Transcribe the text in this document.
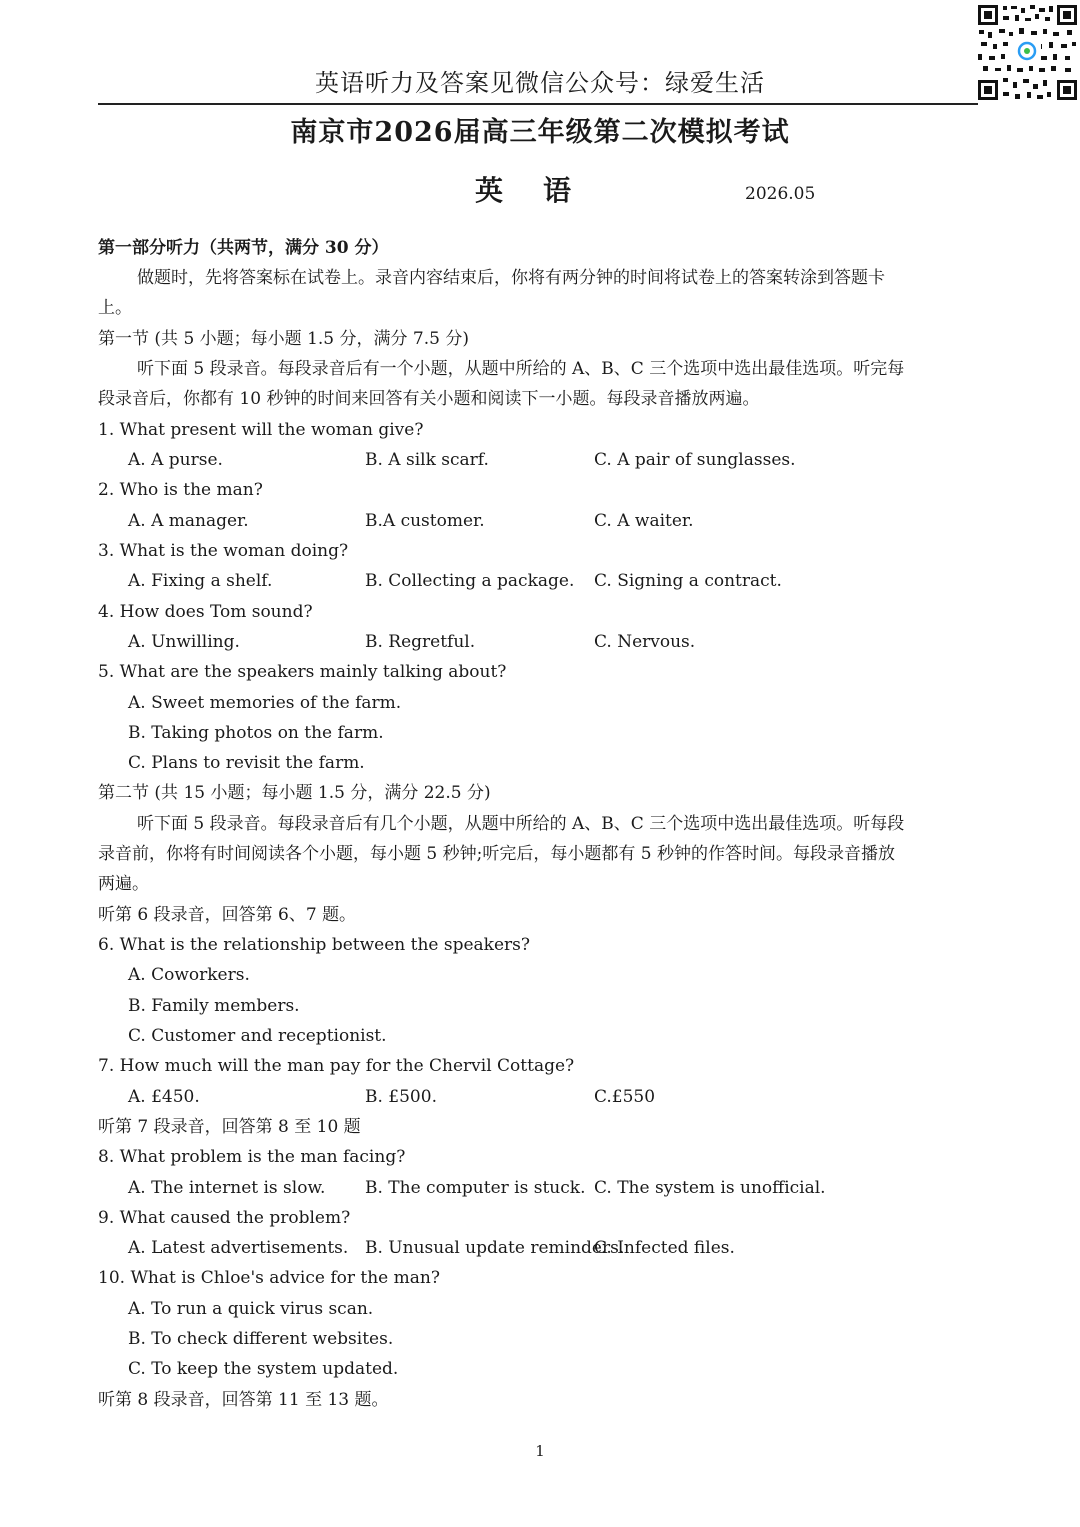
英语听力及答案见微信公众号：绿爱生活
南京市2026届高三年级第二次模拟考试
英语	2026.05
第一部分听力（共两节，满分 30 分）
做题时，先将答案标在试卷上。录音内容结束后，你将有两分钟的时间将试卷上的答案转涂到答题卡
上。
第一节 (共 5 小题；每小题 1.5 分，满分 7.5 分)
听下面 5 段录音。每段录音后有一个小题，从题中所给的 A、B、C 三个选项中选出最佳选项。听完每
段录音后，你都有 10 秒钟的时间来回答有关小题和阅读下一小题。每段录音播放两遍。
1. What present will the woman give?
A. A purse.	B. A silk scarf.	C. A pair of sunglasses.
2. Who is the man?
A. A manager.	B.A customer.	C. A waiter.
3. What is the woman doing?
A. Fixing a shelf.	B. Collecting a package. C. Signing a contract.
4. How does Tom sound?
A. Unwilling.	B. Regretful.	C. Nervous.
5. What are the speakers mainly talking about?
A. Sweet memories of the farm.
B. Taking photos on the farm.
C. Plans to revisit the farm.
第二节 (共 15 小题；每小题 1.5 分，满分 22.5 分)
听下面 5 段录音。每段录音后有几个小题，从题中所给的 A、B、C 三个选项中选出最佳选项。听每段
录音前，你将有时间阅读各个小题，每小题 5 秒钟;听完后，每小题都有 5 秒钟的作答时间。每段录音播放
两遍。
听第 6 段录音，回答第 6、7 题。
6. What is the relationship between the speakers?
A. Coworkers.
B. Family members.
C. Customer and receptionist.
7. How much will the man pay for the Chervil Cottage?
A. £450.	B. £500.	C.£550
听第 7 段录音，回答第 8 至 10 题
8. What problem is the man facing?
A. The internet is slow. B. The computer is stuck. C. The system is unofficial.
9. What caused the problem?
A. Latest advertisements. B. Unusual update reminders.
C. Infected files.
10. What is Chloe's advice for the man?
A. To run a quick virus scan.
B. To check different websites.
C. To keep the system updated.
听第 8 段录音，回答第 11 至 13 题。
1
